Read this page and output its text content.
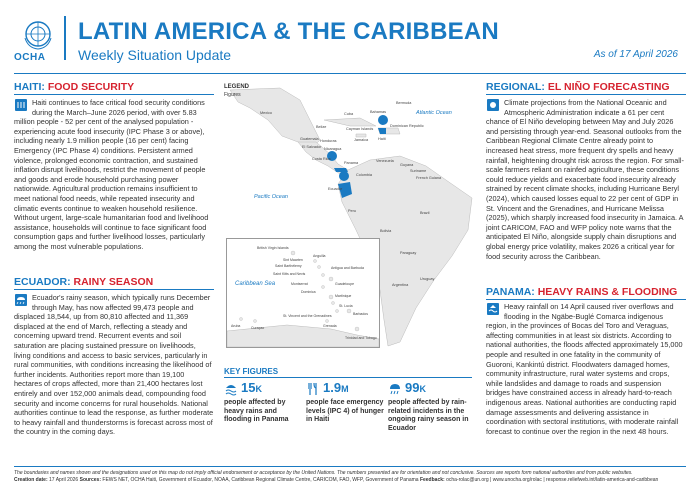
OCHA
LATIN AMERICA & THE CARIBBEAN
Weekly Situation Update	As of 17 April 2026
HAITI: FOOD SECURITY
Haiti continues to face critical food security conditions during the March–June 2026 period, with over 5.83 million people - 52 per cent of the analysed population - experiencing acute food insecurity (IPC Phase 3 or above), including nearly 1.9 million people (16 per cent) facing Emergency (IPC Phase 4) conditions. Persistent armed violence, prolonged economic contraction, and sustained inflation disrupt livelihoods, restrict the movement of people and goods and erode household purchasing power nationwide. Agricultural production remains insufficient to meet national food needs, while repeated insecurity and climatic events continue to weaken household resilience. Without urgent, large-scale humanitarian food and livelihood assistance, households will continue to face significant food consumption gaps and further livelihood losses, particularly among the most vulnerable populations.
ECUADOR: RAINY SEASON
Ecuador's rainy season, which typically runs December through May, has now affected 99,473 people and displaced 18,544, up from 80,810 affected and 11,369 displaced at the end of March, reflecting a steady and concerning upward trend. Recurrent events and soil saturation are placing sustained pressure on livelihoods, living conditions and access to basic services, particularly in rural communities, with conditions increasing the likelihood of further incidents. Authorities report more than 19,100 hectares of crops affected, more than 21,400 hectares lost entirely and over 152,000 animals dead, compounding food security and income concerns for rural households. National authorities continue to lead the response, as further moderate to heavy rainfall and thunderstorms is forecast across most of the country in the coming days.
LEGEND
Figures
Atlantic Ocean
Pacific Ocean
Bermuda
Mexico	Cuba	Bahamas
Haiti
Dominican Republic
Belize
Jamaica
Cayman Islands
Guatemala Honduras
El Salvador Nicaragua
Costa Rica
Panama	Venezuela
Colombia
Guyana
Suriname
French Guiana
Ecuador
Peru	Brazil
Bolivia
Paraguay
Argentina
Uruguay
Caribbean Sea
British Virgin Islands
Anguilla
Sint Maarten
Saint Barthélemy
Saint Kitts and Nevis
Antigua and Barbuda
Montserrat	Guadeloupe
Dominica
Martinique
St. Lucia
Barbados
St. Vincent and the Grenadines
Grenada
Aruba	Curaçao
Trinidad and Tobago
KEY FIGURES
15K
people affected by heavy rains and flooding in Panama
1.9M
people face emergency levels (IPC 4) of hunger in Haiti
99K
people affected by rain-related incidents in the ongoing rainy season in Ecuador
REGIONAL: EL NIÑO FORECASTING
Climate projections from the National Oceanic and Atmospheric Administration indicate a 61 per cent chance of El Niño developing between May and July 2026 and persisting through year-end. Seasonal outlooks from the Caribbean Regional Climate Centre already point to increased heat stress, more frequent dry spells and heavy rainfall, heightening drought risk across the region. For small-scale farmers reliant on rainfed agriculture, these conditions could reduce yields and exacerbate food insecurity already strained by recent climate shocks, including Hurricane Beryl (2024), which caused losses equal to 22 per cent of GDP in St. Vincent and the Grenadines, and Hurricane Melissa (2025), which sharply increased food insecurity in Jamaica. A joint CARICOM, FAO and WFP policy note warns that the anticipated El Niño, alongside supply chain disruptions and global energy price volatility, makes 2026 a critical year for food security across the Caribbean.
PANAMA: HEAVY RAINS & FLOODING
Heavy rainfall on 14 April caused river overflows and flooding in the Ngäbe-Buglé Comarca indigenous region, in the provinces of Bocas del Toro and Veraguas, affecting communities in at least six districts. According to national authorities, the floods affected approximately 15,000 people and resulted in one fatality in the community of Guoroni, Kankintú district. Floodwaters damaged homes, community infrastructure, rural water systems and crops, while landslides and damage to roads and suspension bridges have constrained access in already hard-to-reach indigenous areas. National authorities are conducting rapid damage assessments and delivering assistance in coordination with sectoral institutions, with moderate rainfall forecast to continue over the region in the next 48 hours.
The boundaries and names shown and the designations used on this map do not imply official endorsement or acceptance by the United Nations. The numbers presented are for orientation and not conclusive. Sources are reports form national authorities and from public websites.
Creation date: 17 April 2026 Sources: FEWS NET, OCHA Haiti, Government of Ecuador, NOAA, Caribbean Regional Climate Centre, CARICOM, FAO, WFP, Government of Panama Feedback: ocha-rolac@un.org | www.unocha.org/rolac | response.reliefweb.int/latin-america-and-caribbean
